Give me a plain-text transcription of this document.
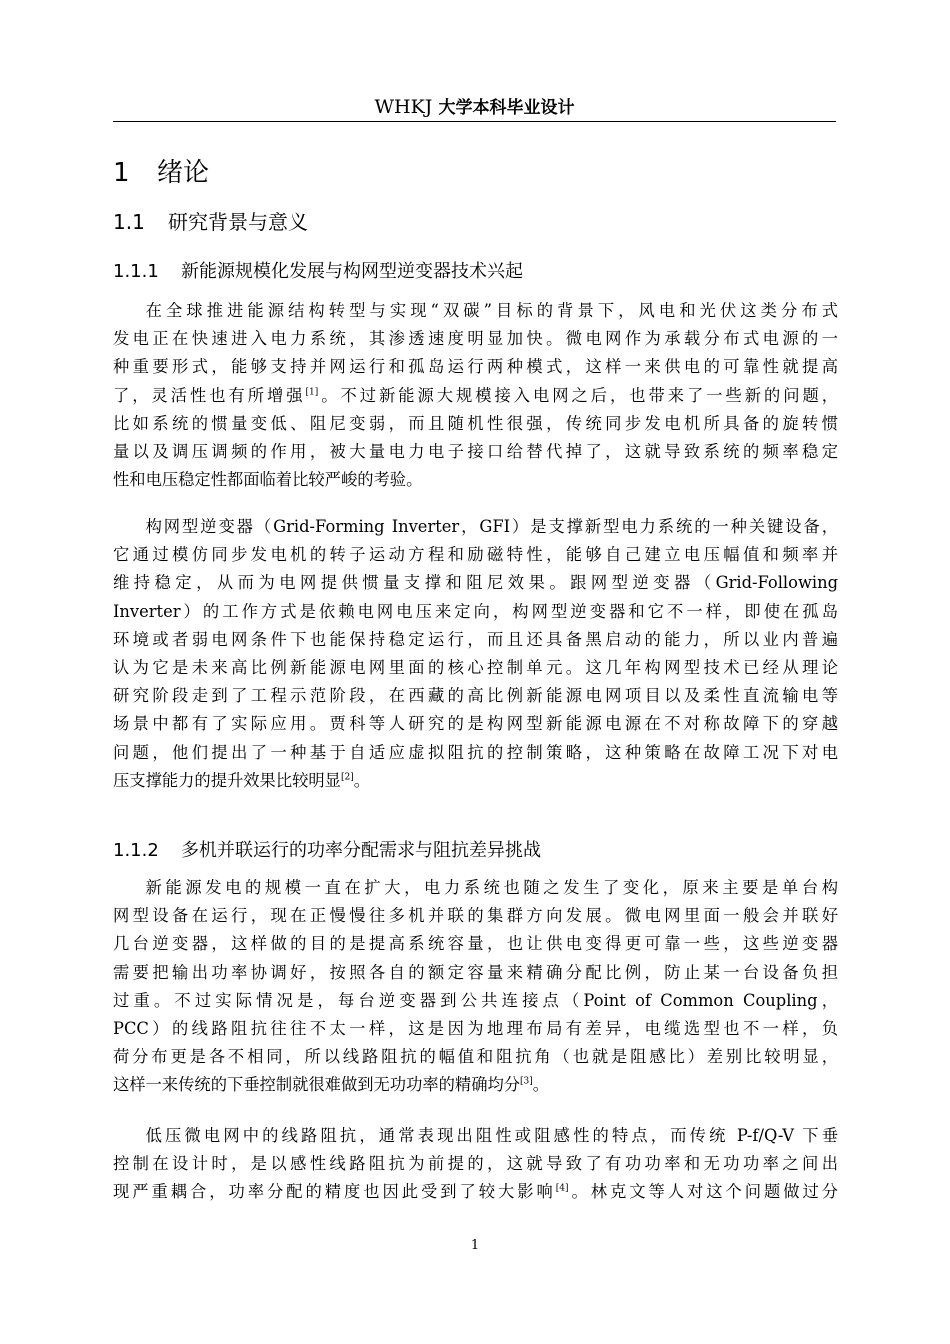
WHKJ 大学本科毕业设计
1 绪论
1.1 研究背景与意义
1.1.1 新能源规模化发展与构网型逆变器技术兴起
在全球推进能源结构转型与实现“双碳”目标的背景下，风电和光伏这类分布式
发电正在快速进入电力系统，其渗透速度明显加快。微电网作为承载分布式电源的一
种重要形式，能够支持并网运行和孤岛运行两种模式，这样一来供电的可靠性就提高
了，灵活性也有所增强[1]。不过新能源大规模接入电网之后，也带来了一些新的问题，
比如系统的惯量变低、阻尼变弱，而且随机性很强，传统同步发电机所具备的旋转惯
量以及调压调频的作用，被大量电力电子接口给替代掉了，这就导致系统的频率稳定
性和电压稳定性都面临着比较严峻的考验。
构网型逆变器（Grid-Forming Inverter，GFI）是支撑新型电力系统的一种关键设备，
它通过模仿同步发电机的转子运动方程和励磁特性，能够自己建立电压幅值和频率并
维持稳定，从而为电网提供惯量支撑和阻尼效果。跟网型逆变器（Grid-Following
Inverter）的工作方式是依赖电网电压来定向，构网型逆变器和它不一样，即使在孤岛
环境或者弱电网条件下也能保持稳定运行，而且还具备黑启动的能力，所以业内普遍
认为它是未来高比例新能源电网里面的核心控制单元。这几年构网型技术已经从理论
研究阶段走到了工程示范阶段，在西藏的高比例新能源电网项目以及柔性直流输电等
场景中都有了实际应用。贾科等人研究的是构网型新能源电源在不对称故障下的穿越
问题，他们提出了一种基于自适应虚拟阻抗的控制策略，这种策略在故障工况下对电
压支撑能力的提升效果比较明显[2]。
1.1.2 多机并联运行的功率分配需求与阻抗差异挑战
新能源发电的规模一直在扩大，电力系统也随之发生了变化，原来主要是单台构
网型设备在运行，现在正慢慢往多机并联的集群方向发展。微电网里面一般会并联好
几台逆变器，这样做的目的是提高系统容量，也让供电变得更可靠一些，这些逆变器
需要把输出功率协调好，按照各自的额定容量来精确分配比例，防止某一台设备负担
过重。不过实际情况是，每台逆变器到公共连接点（Point of Common Coupling，
PCC）的线路阻抗往往不太一样，这是因为地理布局有差异，电缆选型也不一样，负
荷分布更是各不相同，所以线路阻抗的幅值和阻抗角（也就是阻感比）差别比较明显，
这样一来传统的下垂控制就很难做到无功功率的精确均分[3]。
低压微电网中的线路阻抗，通常表现出阻性或阻感性的特点，而传统 P-f/Q-V 下垂
控制在设计时，是以感性线路阻抗为前提的，这就导致了有功功率和无功功率之间出
现严重耦合，功率分配的精度也因此受到了较大影响[4]。林克文等人对这个问题做过分
1
